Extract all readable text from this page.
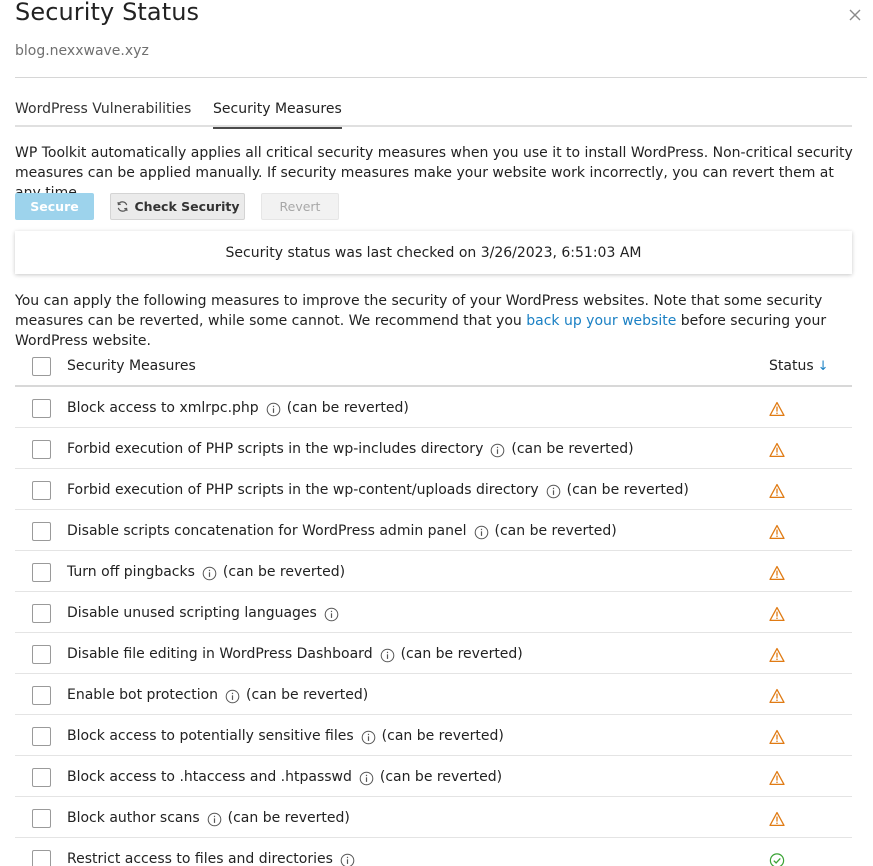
Security Status
blog.nexxwave.xyz
WordPress Vulnerabilities Security Measures
WP Toolkit automatically applies all critical security measures when you use it to install WordPress. Non-critical security measures can be applied manually. If security measures make your website work incorrectly, you can revert them at
Secure	Check Security	Revert
Security status was last checked on 3/26/2023, 6:51:03 AM
You can apply the following measures to improve the security of your WordPress websites. Note that some security measures can be reverted, while some cannot. We recommend that you back up your website before securing your WordPress website.
Security Measures	Status ↓
Block access to xmlrpc.php (can be reverted)
Forbid execution of PHP scripts in the wp-includes directory (can be reverted)
Forbid execution of PHP scripts in the wp-content/uploads directory (can be reverted)
Disable scripts concatenation for WordPress admin panel (can be reverted)
Turn off pingbacks (can be reverted)
Disable unused scripting languages
Disable file editing in WordPress Dashboard (can be reverted)
Enable bot protection (can be reverted)
Block access to potentially sensitive files (can be reverted)
Block access to .htaccess and .htpasswd (can be reverted)
Block author scans (can be reverted)
Restrict access to files and directories
